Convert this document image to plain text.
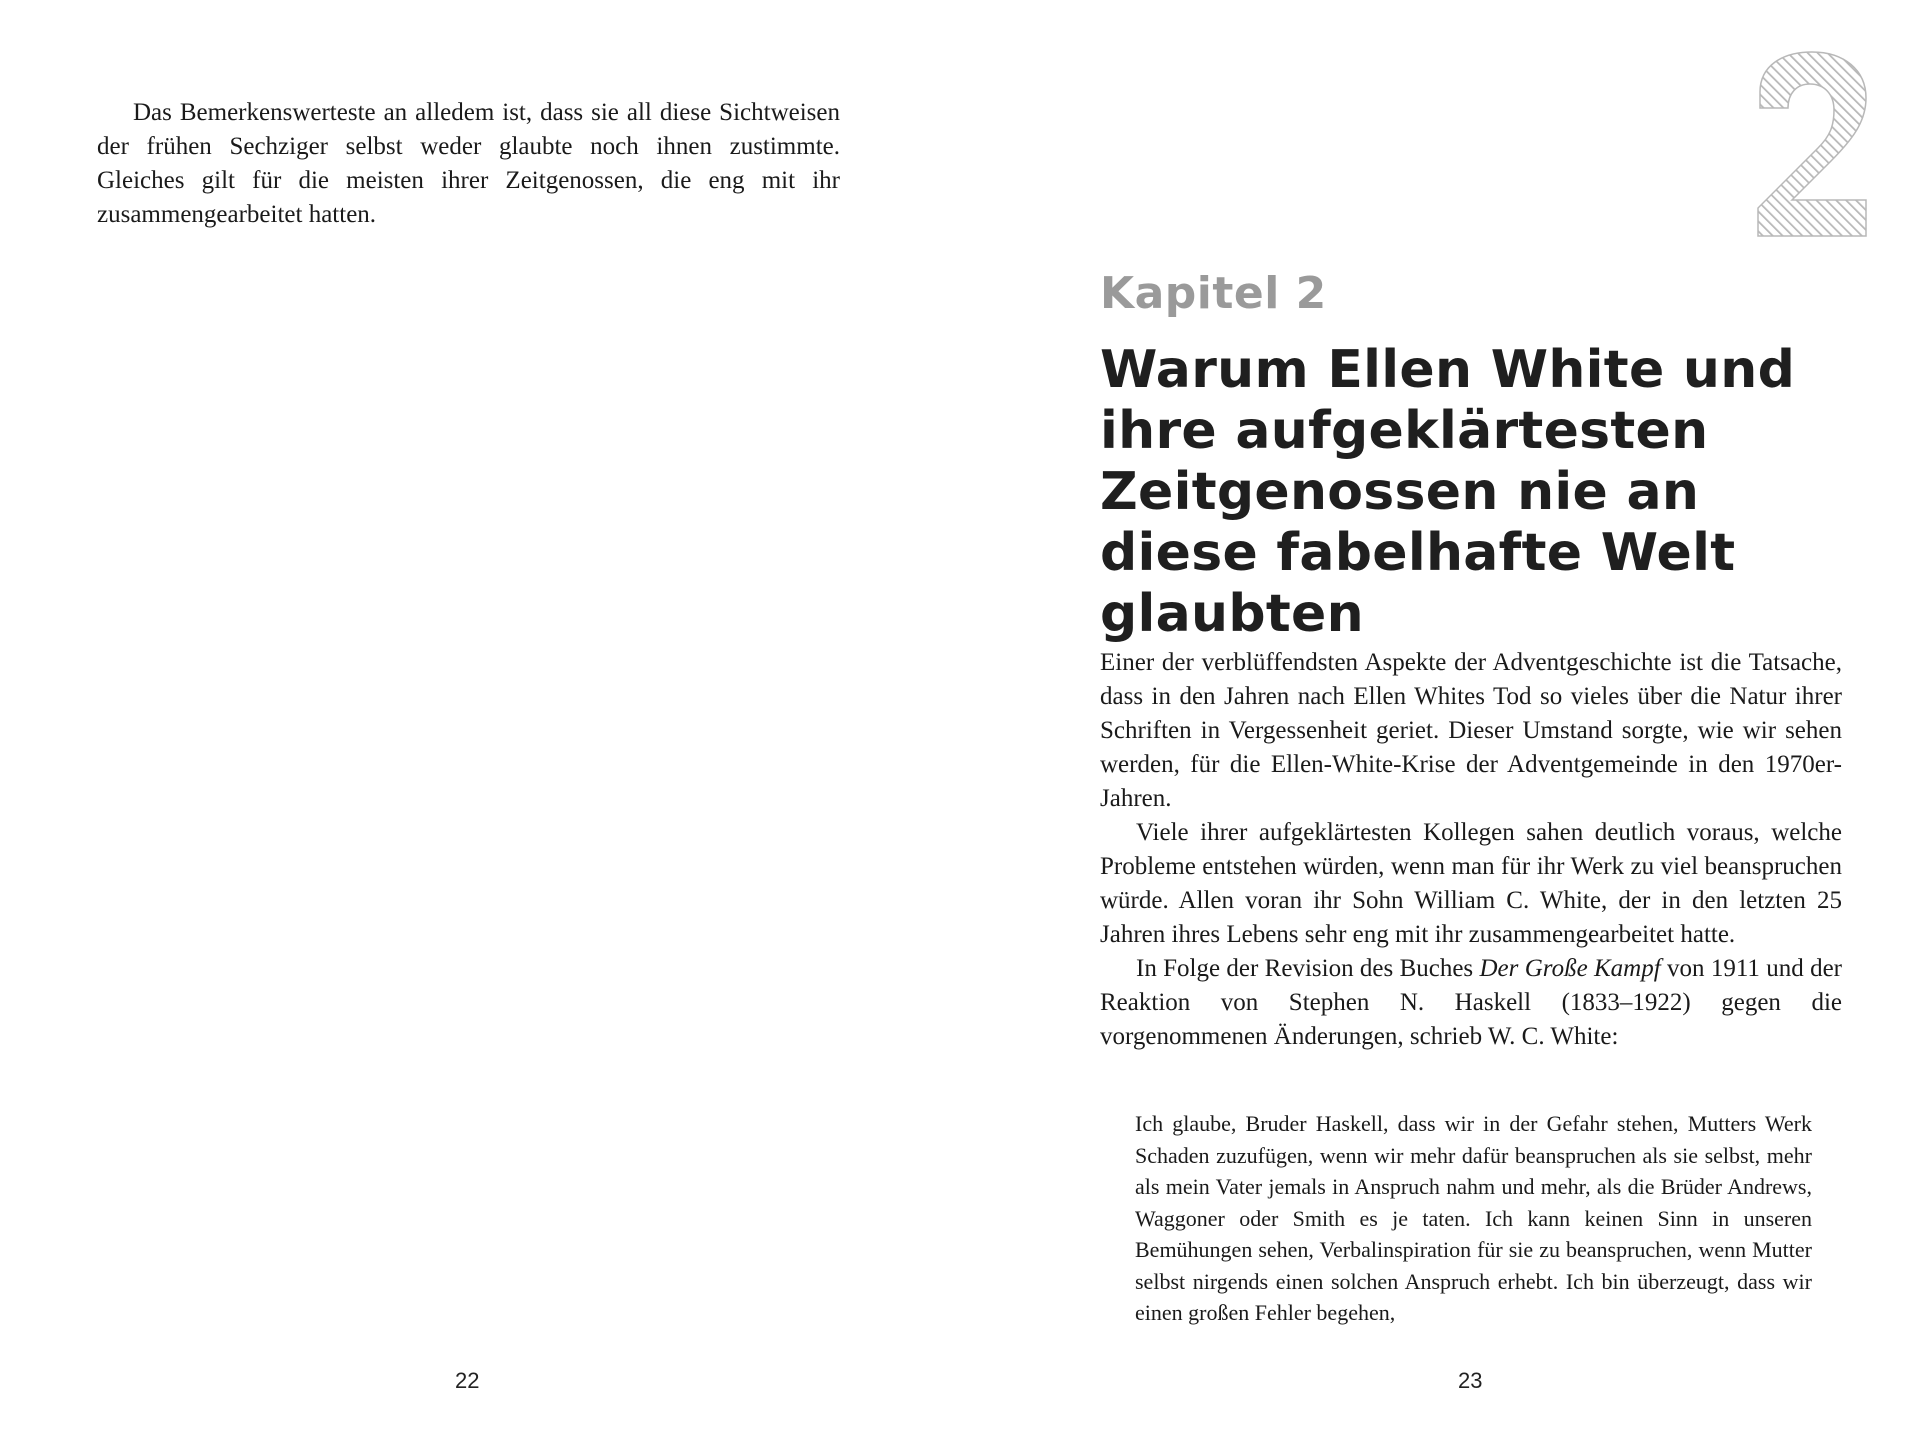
Das Bemerkenswerteste an alledem ist, dass sie all diese Sichtweisen der frühen Sechziger selbst weder glaubte noch ihnen zustimmte. Gleiches gilt für die meisten ihrer Zeitgenossen, die eng mit ihr zusammengearbeitet hatten.

22
2
Kapitel 2
Warum Ellen White und ihre aufgeklärtesten Zeitgenossen nie an diese fabelhafte Welt glaubten

Einer der verblüffendsten Aspekte der Adventgeschichte ist die Tatsache, dass in den Jahren nach Ellen Whites Tod so vieles über die Natur ihrer Schriften in Vergessenheit geriet. Dieser Umstand sorgte, wie wir sehen werden, für die Ellen-White-Krise der Adventgemeinde in den 1970er-Jahren.

Viele ihrer aufgeklärtesten Kollegen sahen deutlich voraus, welche Probleme entstehen würden, wenn man für ihr Werk zu viel beanspruchen würde. Allen voran ihr Sohn William C. White, der in den letzten 25 Jahren ihres Lebens sehr eng mit ihr zusammengearbeitet hatte.

In Folge der Revision des Buches Der Große Kampf von 1911 und der Reaktion von Stephen N. Haskell (1833–1922) gegen die vorgenommenen Änderungen, schrieb W. C. White:

Ich glaube, Bruder Haskell, dass wir in der Gefahr stehen, Mutters Werk Schaden zuzufügen, wenn wir mehr dafür beanspruchen als sie selbst, mehr als mein Vater jemals in Anspruch nahm und mehr, als die Brüder Andrews, Waggoner oder Smith es je taten. Ich kann keinen Sinn in unseren Bemühungen sehen, Verbalinspiration für sie zu beanspruchen, wenn Mutter selbst nirgends einen solchen Anspruch erhebt. Ich bin überzeugt, dass wir einen großen Fehler begehen,

23
